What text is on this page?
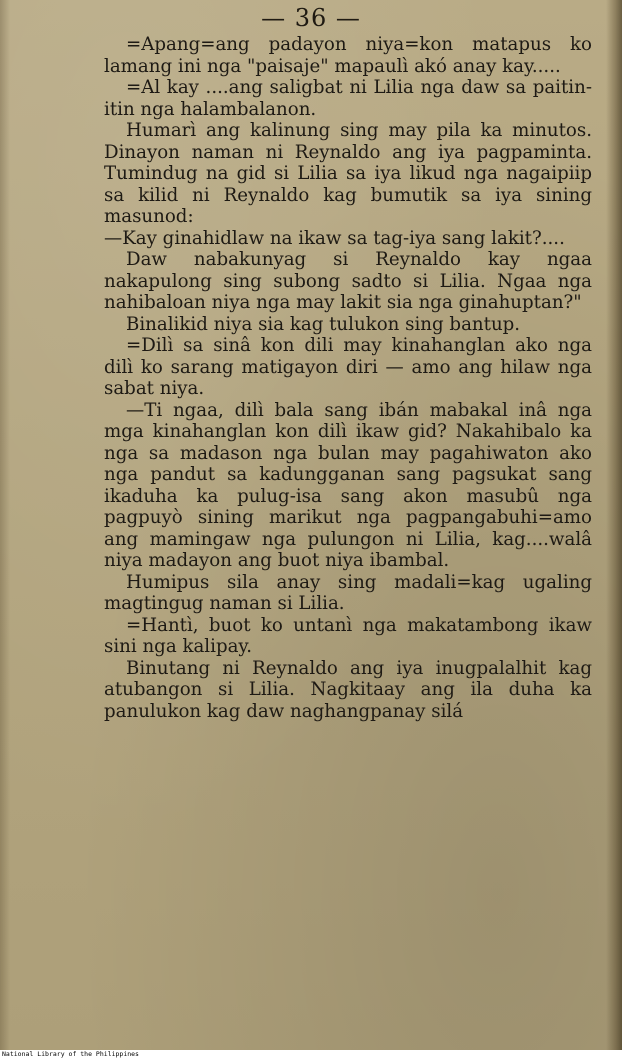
— 36 —

=Apang=ang padayon niya=kon matapus ko lamang ini nga "paisaje" mapaulì akó anay kay.....

=Al kay ....ang saligbat ni Lilia nga daw sa paitin-itin nga halambalanon.

Humarì ang kalinung sing may pila ka minutos. Dinayon naman ni Reynaldo ang iya pagpaminta. Tumindug na gid si Lilia sa iya likud nga nagaipiip sa kilid ni Reynaldo kag bumutik sa iya sining masunod:

—Kay ginahidlaw na ikaw sa tag-iya sang lakit?....

Daw nabakunyag si Reynaldo kay ngaa nakapulong sing subong sadto si Lilia. Ngaa nga nahibaloan niya nga may lakit sia nga ginahuptan?"

Binalikid niya sia kag tulukon sing bantup.

=Dilì sa sinâ kon dili may kinahanglan ako nga dilì ko sarang matigayon diri — amo ang hilaw nga sabat niya.

—Ti ngaa, dilì bala sang ibán mabakal inâ nga mga kinahanglan kon dilì ikaw gid? Nakahibalo ka nga sa madason nga bulan may pagahiwaton ako nga pandut sa kadungganan sang pagsukat sang ikaduha ka pulug-isa sang akon masubû nga pagpuyò sining marikut nga pagpangabuhi=amo ang mamingaw nga pulungon ni Lilia, kag....walâ niya madayon ang buot niya ibambal.

Humipus sila anay sing madali=kag ugaling magtingug naman si Lilia.

=Hantì, buot ko untanì nga makatambong ikaw sini nga kalipay.

Binutang ni Reynaldo ang iya inugpalalhit kag atubangon si Lilia. Nagkitaay ang ila duha ka panulukon kag daw naghangpanay silá

National Library of the Philippines
